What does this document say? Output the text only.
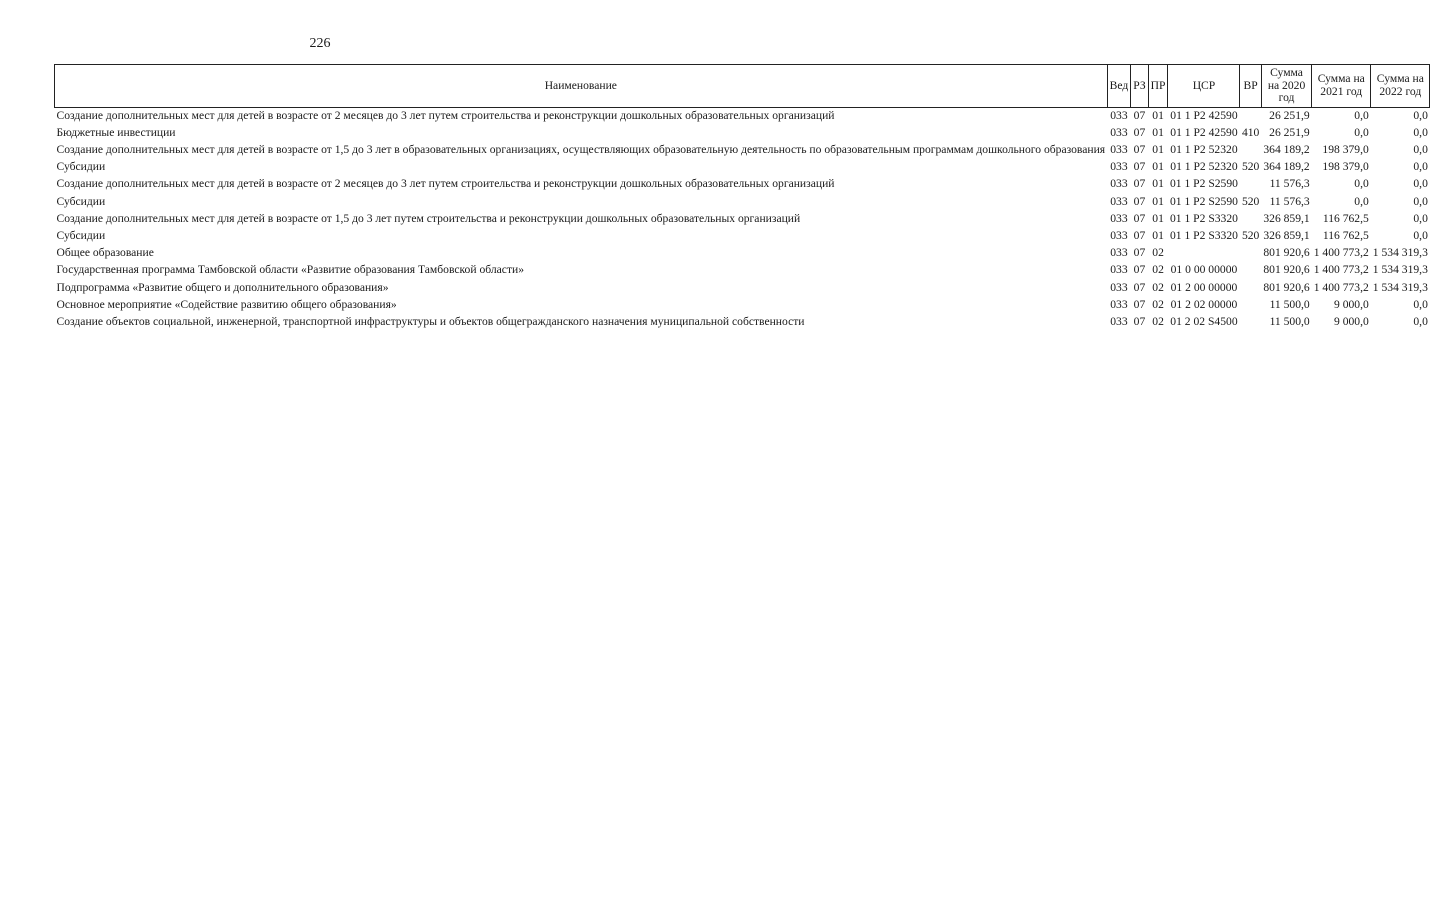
226
Наименование	Вед	РЗ	ПР	ЦСР	ВР	Сумма на 2020 год	Сумма на 2021 год	Сумма на 2022 год
Создание дополнительных мест для детей в возрасте от 2 месяцев до 3 лет путем строительства и реконструкции дошкольных образовательных организаций	033	07	01	01 1 P2 42590		26 251,9	0,0	0,0
Бюджетные инвестиции	033	07	01	01 1 P2 42590	410	26 251,9	0,0	0,0
Создание дополнительных мест для детей в возрасте от 1,5 до 3 лет в образовательных организациях, осуществляющих образовательную деятельность по образовательным программам дошкольного образования	033	07	01	01 1 P2 52320		364 189,2	198 379,0	0,0
Субсидии	033	07	01	01 1 P2 52320	520	364 189,2	198 379,0	0,0
Создание дополнительных мест для детей в возрасте от 2 месяцев до 3 лет путем строительства и реконструкции дошкольных образовательных организаций	033	07	01	01 1 P2 S2590		11 576,3	0,0	0,0
Субсидии	033	07	01	01 1 P2 S2590	520	11 576,3	0,0	0,0
Создание дополнительных мест для детей в возрасте от 1,5 до 3 лет путем строительства и реконструкции дошкольных образовательных организаций	033	07	01	01 1 P2 S3320		326 859,1	116 762,5	0,0
Субсидии	033	07	01	01 1 P2 S3320	520	326 859,1	116 762,5	0,0
Общее образование	033	07	02			801 920,6	1 400 773,2	1 534 319,3
Государственная программа Тамбовской области «Развитие образования Тамбовской области»	033	07	02	01 0 00 00000		801 920,6	1 400 773,2	1 534 319,3
Подпрограмма «Развитие общего и дополнительного образования»	033	07	02	01 2 00 00000		801 920,6	1 400 773,2	1 534 319,3
Основное мероприятие «Содействие развитию общего образования»	033	07	02	01 2 02 00000		11 500,0	9 000,0	0,0
Создание объектов социальной, инженерной, транспортной инфраструктуры и объектов общегражданского назначения муниципальной собственности	033	07	02	01 2 02 S4500		11 500,0	9 000,0	0,0
